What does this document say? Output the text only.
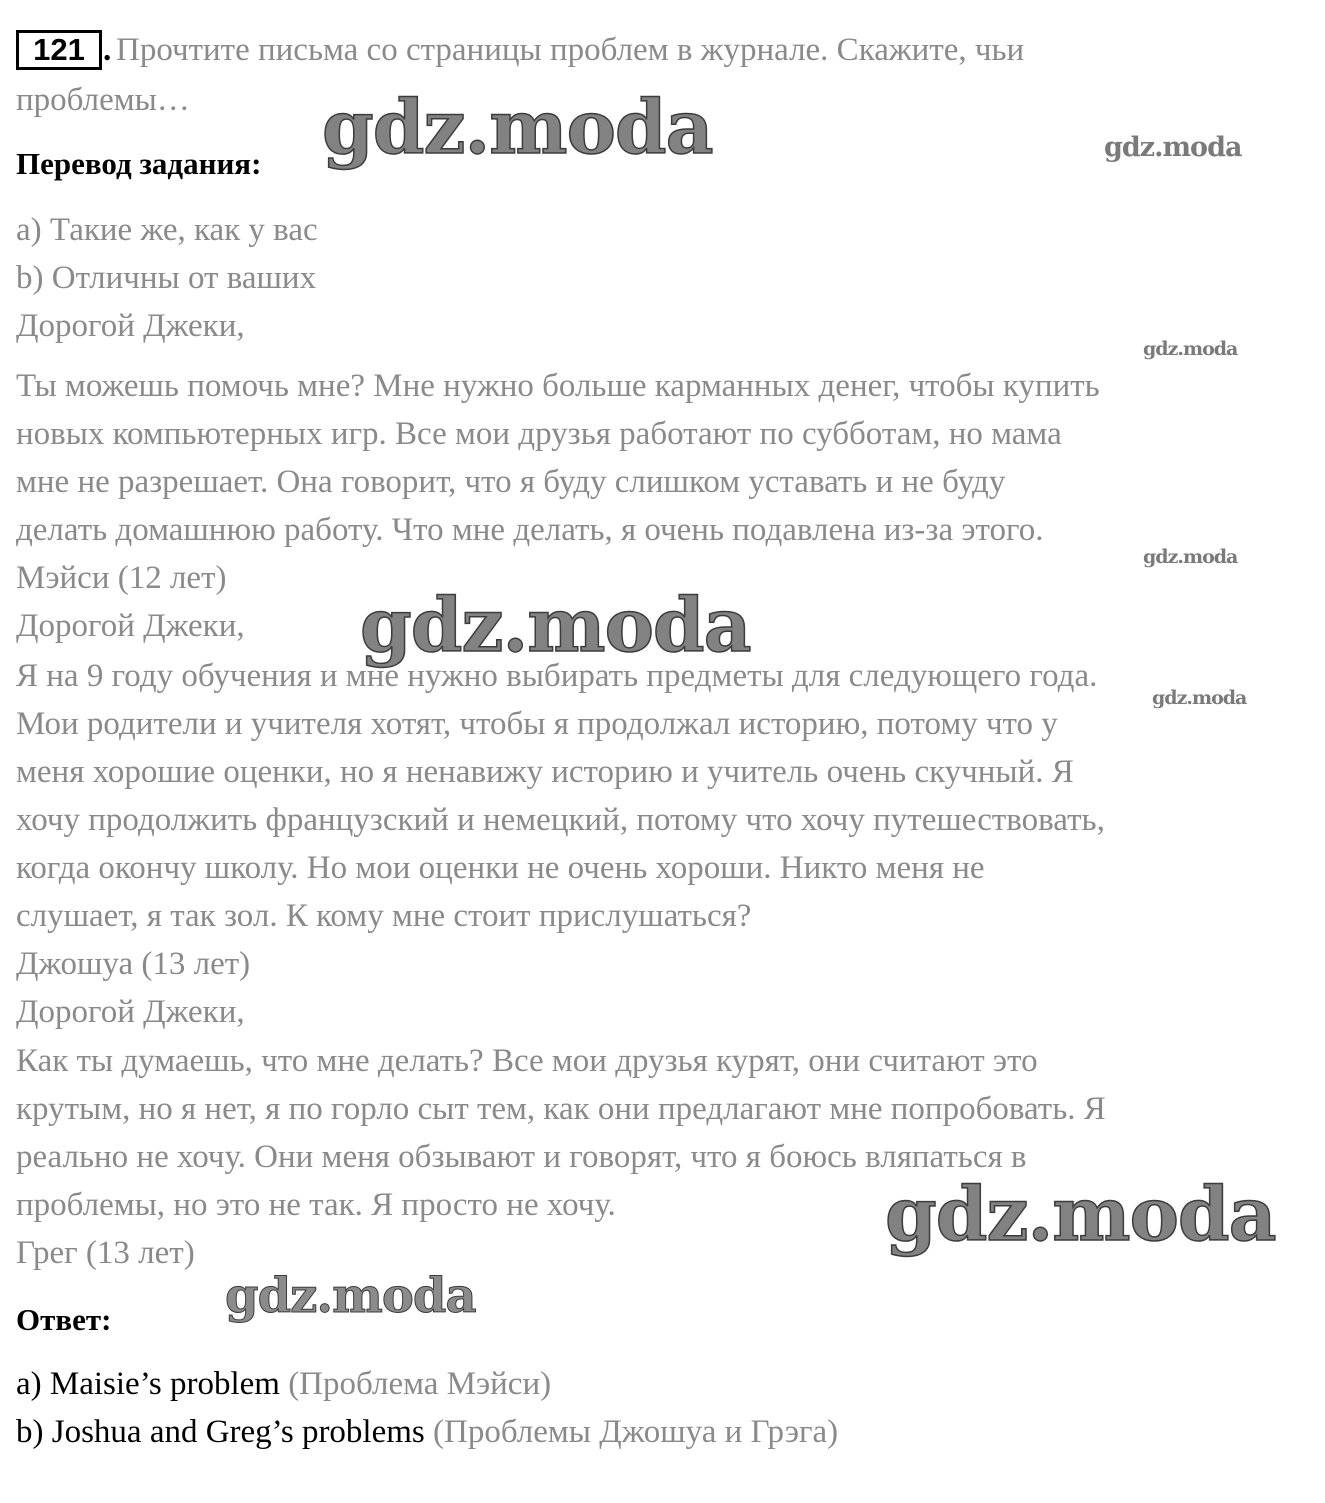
121 . Прочтите письма со страницы проблем в журнале. Скажите, чьи
проблемы…
Перевод задания:
a) Такие же, как у вас
b) Отличны от ваших
Дорогой Джеки,
Ты можешь помочь мне? Мне нужно больше карманных денег, чтобы купить
новых компьютерных игр. Все мои друзья работают по субботам, но мама
мне не разрешает. Она говорит, что я буду слишком уставать и не буду
делать домашнюю работу. Что мне делать, я очень подавлена из-за этого.
Мэйси (12 лет)
Дорогой Джеки,
Я на 9 году обучения и мне нужно выбирать предметы для следующего года.
Мои родители и учителя хотят, чтобы я продолжал историю, потому что у
меня хорошие оценки, но я ненавижу историю и учитель очень скучный. Я
хочу продолжить французский и немецкий, потому что хочу путешествовать,
когда окончу школу. Но мои оценки не очень хороши. Никто меня не
слушает, я так зол. К кому мне стоит прислушаться?
Джошуа (13 лет)
Дорогой Джеки,
Как ты думаешь, что мне делать? Все мои друзья курят, они считают это
крутым, но я нет, я по горло сыт тем, как они предлагают мне попробовать. Я
реально не хочу. Они меня обзывают и говорят, что я боюсь вляпаться в
проблемы, но это не так. Я просто не хочу.
Грег (13 лет)
Ответ:
a) Maisie’s problem (Проблема Мэйси)
b) Joshua and Greg’s problems (Проблемы Джошуа и Грэга)
gdz.moda	gdz.moda
gdz.moda
gdz.moda
gdz.moda
gdz.moda
gdz.moda
gdz.moda
